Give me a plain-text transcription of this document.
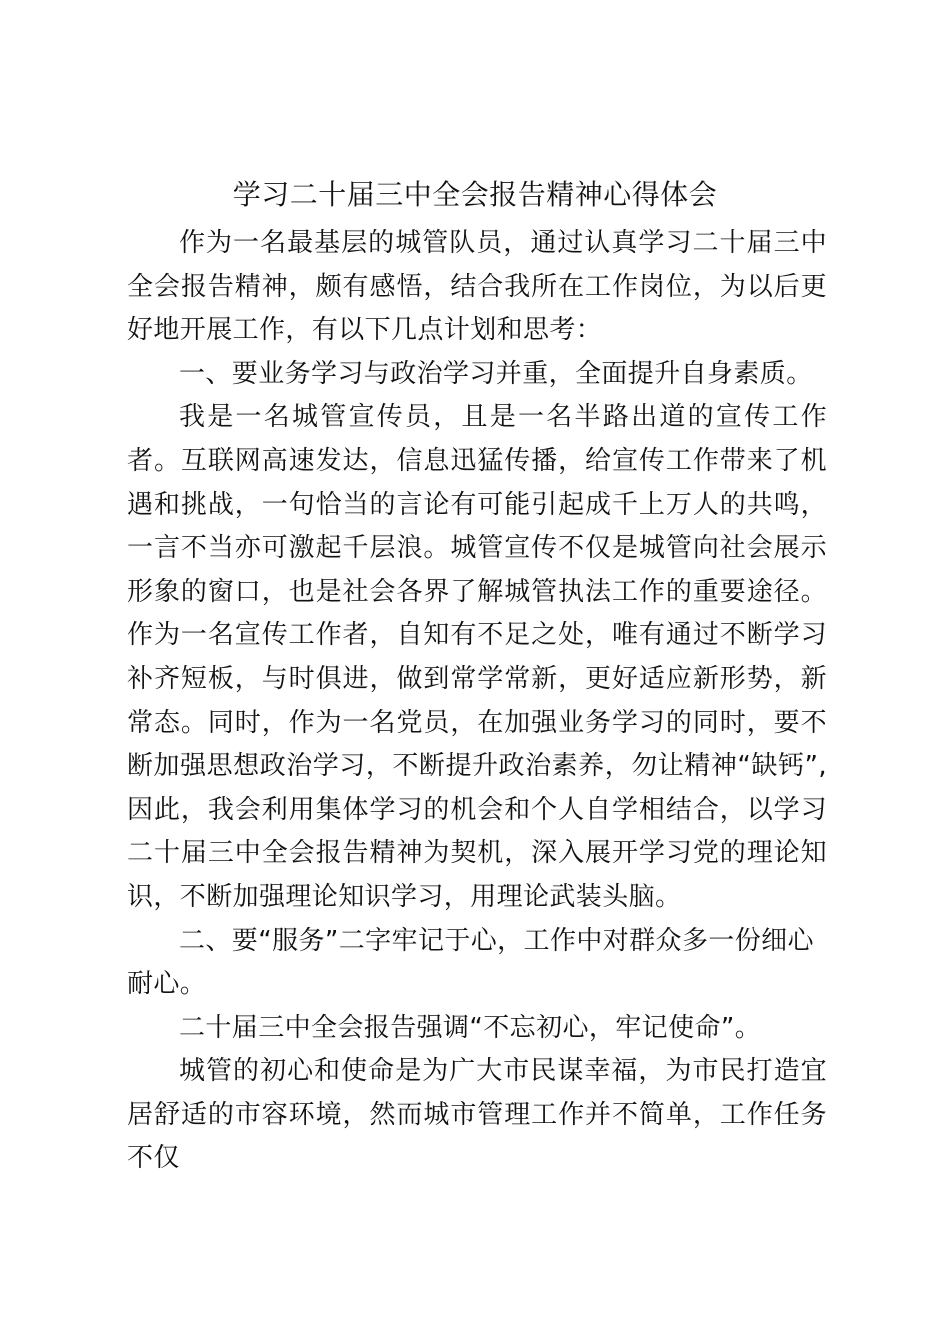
学习二十届三中全会报告精神心得体会

作为一名最基层的城管队员，通过认真学习二十届三中全会报告精神，颇有感悟，结合我所在工作岗位，为以后更好地开展工作，有以下几点计划和思考：

一、要业务学习与政治学习并重，全面提升自身素质。

我是一名城管宣传员，且是一名半路出道的宣传工作者。互联网高速发达，信息迅猛传播，给宣传工作带来了机遇和挑战，一句恰当的言论有可能引起成千上万人的共鸣，一言不当亦可激起千层浪。城管宣传不仅是城管向社会展示形象的窗口，也是社会各界了解城管执法工作的重要途径。作为一名宣传工作者，自知有不足之处，唯有通过不断学习补齐短板，与时俱进，做到常学常新，更好适应新形势，新常态。同时，作为一名党员，在加强业务学习的同时，要不断加强思想政治学习，不断提升政治素养，勿让精神“缺钙”,因此，我会利用集体学习的机会和个人自学相结合，以学习二十届三中全会报告精神为契机，深入展开学习党的理论知识，不断加强理论知识学习，用理论武装头脑。

二、要“服务”二字牢记于心，工作中对群众多一份细心耐心。

二十届三中全会报告强调“不忘初心，牢记使命”。

城管的初心和使命是为广大市民谋幸福，为市民打造宜居舒适的市容环境，然而城市管理工作并不简单，工作任务不仅
